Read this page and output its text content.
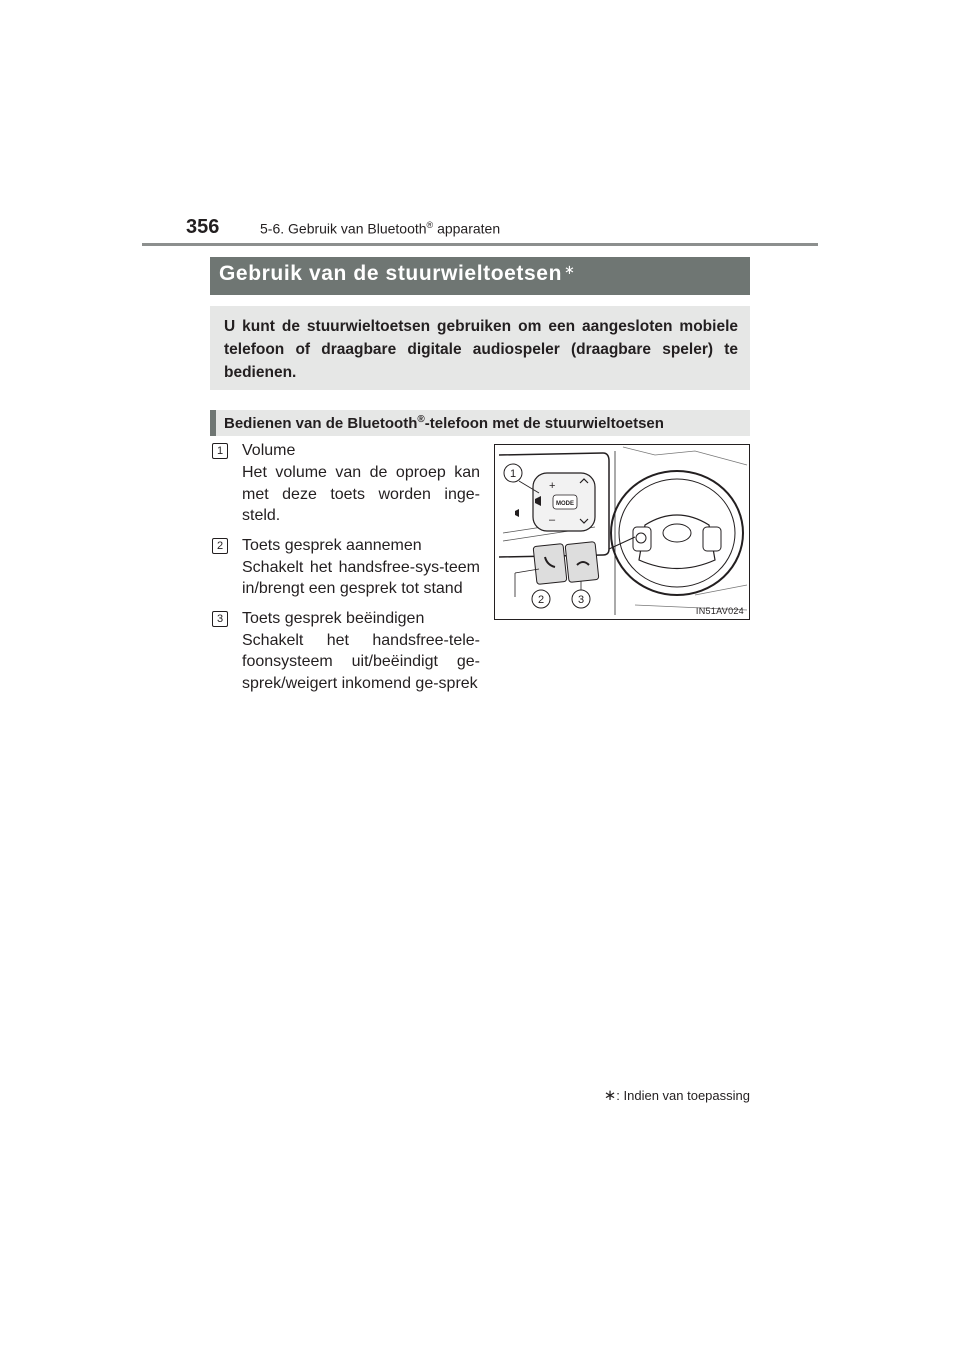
356	5-6. Gebruik van Bluetooth® apparaten
Gebruik van de stuurwieltoetsen ∗
U kunt de stuurwieltoetsen gebruiken om een aangesloten mobiele telefoon of draagbare digitale audiospeler (draagbare speler) te bedienen.
Bedienen van de Bluetooth®-telefoon met de stuurwieltoetsen
1	Volume
Het volume van de oproep kan met deze toets worden inge-steld.
2	Toets gesprek aannemen
Schakelt het handsfree-sys-teem in/brengt een gesprek tot stand
3	Toets gesprek beëindigen
Schakelt het handsfree-tele-foonsysteem uit/beëindigt ge-sprek/weigert inkomend ge-sprek
+
–
MODE
1
2	3
IN51AV024
∗: Indien van toepassing
